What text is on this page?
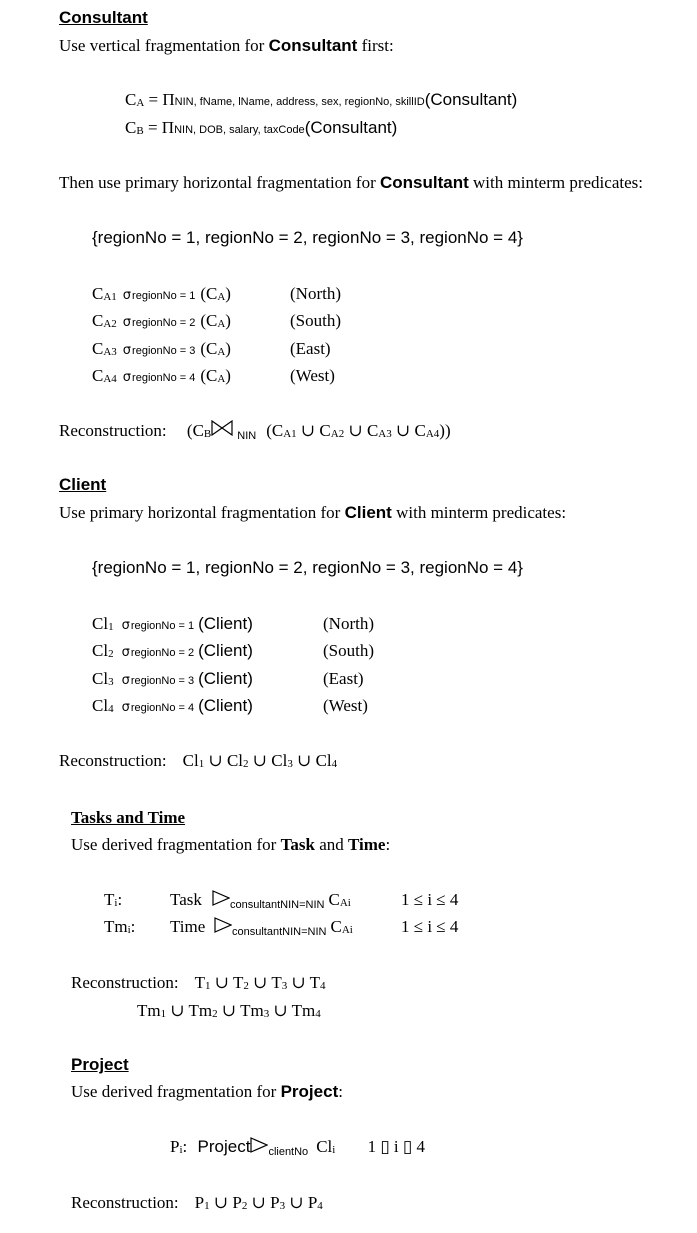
Consultant
Use vertical fragmentation for Consultant first:
CA = ΠNIN, fName, lName, address, sex, regionNo, skillID(Consultant)
CB = ΠNIN, DOB, salary, taxCode(Consultant)
Then use primary horizontal fragmentation for Consultant with minterm predicates:
{regionNo = 1, regionNo = 2, regionNo = 3, regionNo = 4}
CA1 σregionNo = 1 (CA)	(North)
CA2 σregionNo = 2 (CA)	(South)
CA3 σregionNo = 3 (CA)	(East)
CA4 σregionNo = 4 (CA)	(West)
Reconstruction: (CB NIN (CA1 ∪ CA2 ∪ CA3 ∪ CA4))
Client
Use primary horizontal fragmentation for Client with minterm predicates:
{regionNo = 1, regionNo = 2, regionNo = 3, regionNo = 4}
Cl1 σregionNo = 1 (Client)	(North)
Cl2 σregionNo = 2 (Client)	(South)
Cl3 σregionNo = 3 (Client)	(East)
Cl4 σregionNo = 4 (Client)	(West)
Reconstruction: Cl1 ∪ Cl2 ∪ Cl3 ∪ Cl4
Tasks and Time
Use derived fragmentation for Task and Time:
Ti:	Task	consultantNIN=NIN CAi	1 ≤ i ≤ 4
Tmi: Time	consultantNIN=NIN CAi	1 ≤ i ≤ 4
Reconstruction: T1 ∪ T2 ∪ T3 ∪ T4
Tm1 ∪ Tm2 ∪ Tm3 ∪ Tm4
Project
Use derived fragmentation for Project:
Pi: Project clientNo Cli 1 ▯ i ▯ 4
Reconstruction: P1 ∪ P2 ∪ P3 ∪ P4
